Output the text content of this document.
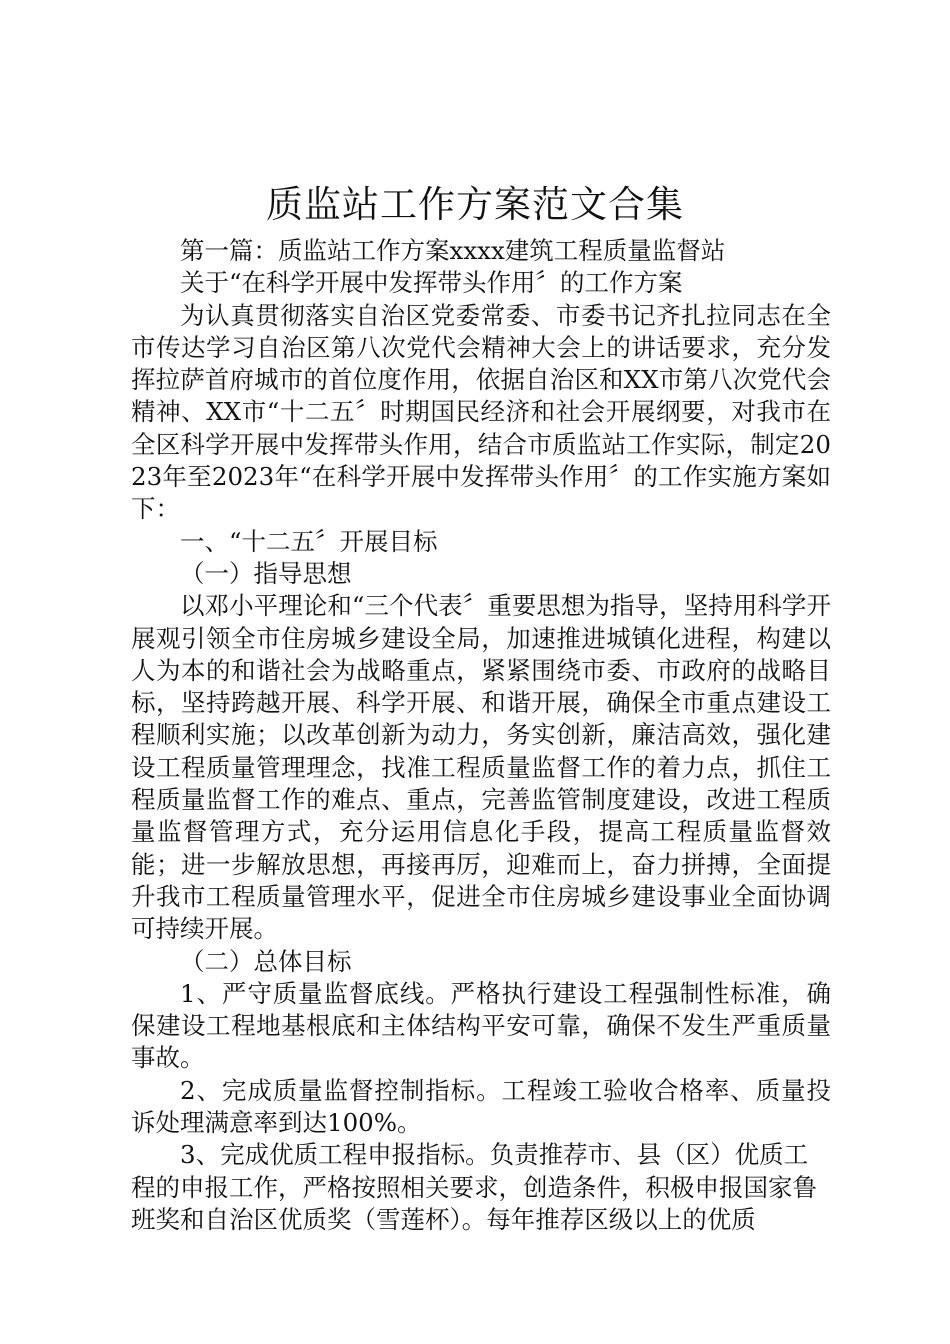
质监站工作方案范文合集

第一篇：质监站工作方案xxxx建筑工程质量监督站

关于“在科学开展中发挥带头作用〞的工作方案

为认真贯彻落实自治区党委常委、市委书记齐扎拉同志在全市传达学习自治区第八次党代会精神大会上的讲话要求，充分发挥拉萨首府城市的首位度作用，依据自治区和XX市第八次党代会精神、XX市“十二五〞时期国民经济和社会开展纲要，对我市在全区科学开展中发挥带头作用，结合市质监站工作实际，制定2023年至2023年“在科学开展中发挥带头作用〞的工作实施方案如下：

一、“十二五〞开展目标

（一）指导思想

以邓小平理论和“三个代表〞重要思想为指导，坚持用科学开展观引领全市住房城乡建设全局，加速推进城镇化进程，构建以人为本的和谐社会为战略重点，紧紧围绕市委、市政府的战略目标，坚持跨越开展、科学开展、和谐开展，确保全市重点建设工程顺利实施；以改革创新为动力，务实创新，廉洁高效，强化建设工程质量管理理念，找准工程质量监督工作的着力点，抓住工程质量监督工作的难点、重点，完善监管制度建设，改进工程质量监督管理方式，充分运用信息化手段，提高工程质量监督效能；进一步解放思想，再接再厉，迎难而上，奋力拼搏，全面提升我市工程质量管理水平，促进全市住房城乡建设事业全面协调可持续开展。

（二）总体目标

1、严守质量监督底线。严格执行建设工程强制性标准，确保建设工程地基根底和主体结构平安可靠，确保不发生严重质量事故。

2、完成质量监督控制指标。工程竣工验收合格率、质量投诉处理满意率到达100%。

3、完成优质工程申报指标。负责推荐市、县（区）优质工程的申报工作，严格按照相关要求，创造条件，积极申报国家鲁班奖和自治区优质奖（雪莲杯）。每年推荐区级以上的优质
